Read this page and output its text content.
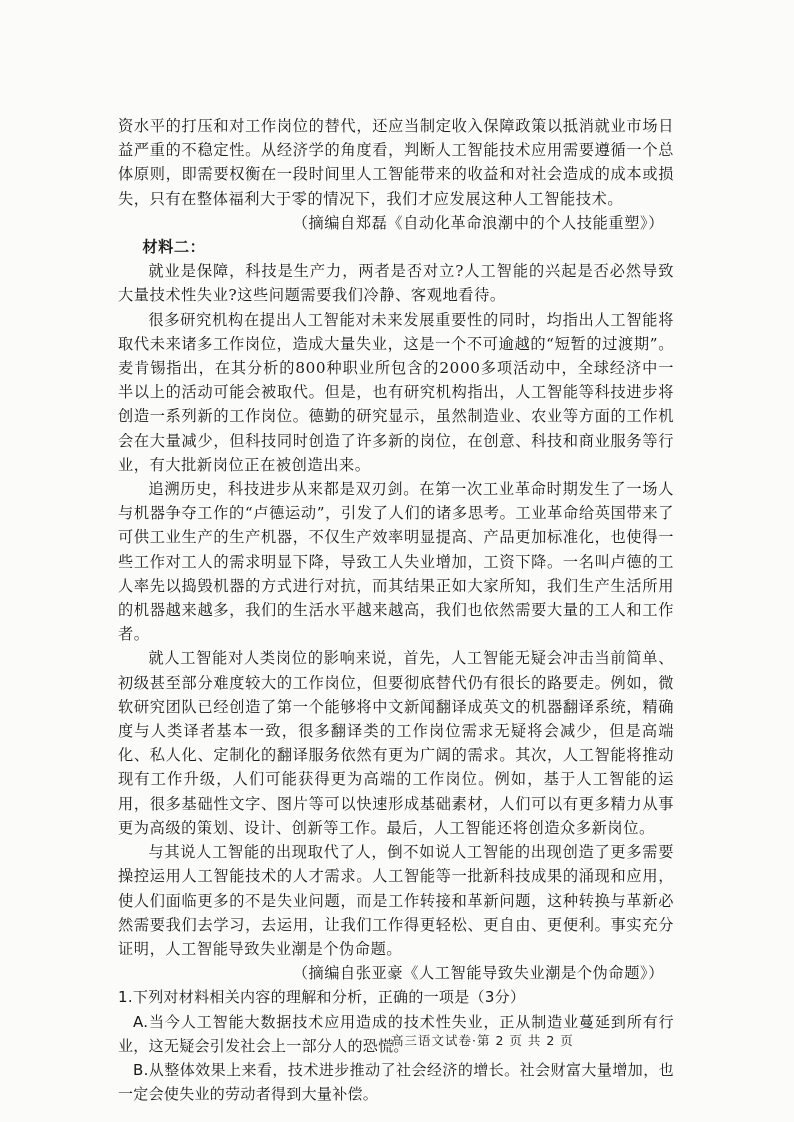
资水平的打压和对工作岗位的替代，还应当制定收入保障政策以抵消就业市场日益严重的不稳定性。从经济学的角度看，判断人工智能技术应用需要遵循一个总体原则，即需要权衡在一段时间里人工智能带来的收益和对社会造成的成本或损失，只有在整体福利大于零的情况下，我们才应发展这种人工智能技术。

（摘编自郑磊《自动化革命浪潮中的个人技能重塑》）

材料二：

就业是保障，科技是生产力，两者是否对立?人工智能的兴起是否必然导致大量技术性失业?这些问题需要我们冷静、客观地看待。

很多研究机构在提出人工智能对未来发展重要性的同时，均指出人工智能将取代未来诸多工作岗位，造成大量失业，这是一个不可逾越的“短暂的过渡期”。麦肯锡指出，在其分析的800种职业所包含的2000多项活动中，全球经济中一半以上的活动可能会被取代。但是，也有研究机构指出，人工智能等科技进步将创造一系列新的工作岗位。德勤的研究显示，虽然制造业、农业等方面的工作机会在大量减少，但科技同时创造了许多新的岗位，在创意、科技和商业服务等行业，有大批新岗位正在被创造出来。

追溯历史，科技进步从来都是双刃剑。在第一次工业革命时期发生了一场人与机器争夺工作的“卢德运动”，引发了人们的诸多思考。工业革命给英国带来了可供工业生产的生产机器，不仅生产效率明显提高、产品更加标准化，也使得一些工作对工人的需求明显下降，导致工人失业增加，工资下降。一名叫卢德的工人率先以捣毁机器的方式进行对抗，而其结果正如大家所知，我们生产生活所用的机器越来越多，我们的生活水平越来越高，我们也依然需要大量的工人和工作者。

就人工智能对人类岗位的影响来说，首先，人工智能无疑会冲击当前简单、初级甚至部分难度较大的工作岗位，但要彻底替代仍有很长的路要走。例如，微软研究团队已经创造了第一个能够将中文新闻翻译成英文的机器翻译系统，精确度与人类译者基本一致，很多翻译类的工作岗位需求无疑将会减少，但是高端化、私人化、定制化的翻译服务依然有更为广阔的需求。其次，人工智能将推动现有工作升级，人们可能获得更为高端的工作岗位。例如，基于人工智能的运用，很多基础性文字、图片等可以快速形成基础素材，人们可以有更多精力从事更为高级的策划、设计、创新等工作。最后，人工智能还将创造众多新岗位。

与其说人工智能的出现取代了人，倒不如说人工智能的出现创造了更多需要操控运用人工智能技术的人才需求。人工智能等一批新科技成果的涌现和应用，使人们面临更多的不是失业问题，而是工作转接和革新问题，这种转换与革新必然需要我们去学习，去运用，让我们工作得更轻松、更自由、更便利。事实充分证明，人工智能导致失业潮是个伪命题。

（摘编自张亚豪《人工智能导致失业潮是个伪命题》）

1.下列对材料相关内容的理解和分析，正确的一项是（3分）

A.当今人工智能大数据技术应用造成的技术性失业，正从制造业蔓延到所有行业，这无疑会引发社会上一部分人的恐慌。

B.从整体效果上来看，技术进步推动了社会经济的增长。社会财富大量增加，也一定会使失业的劳动者得到大量补偿。

高三语文试卷·第 2 页 共 2 页
